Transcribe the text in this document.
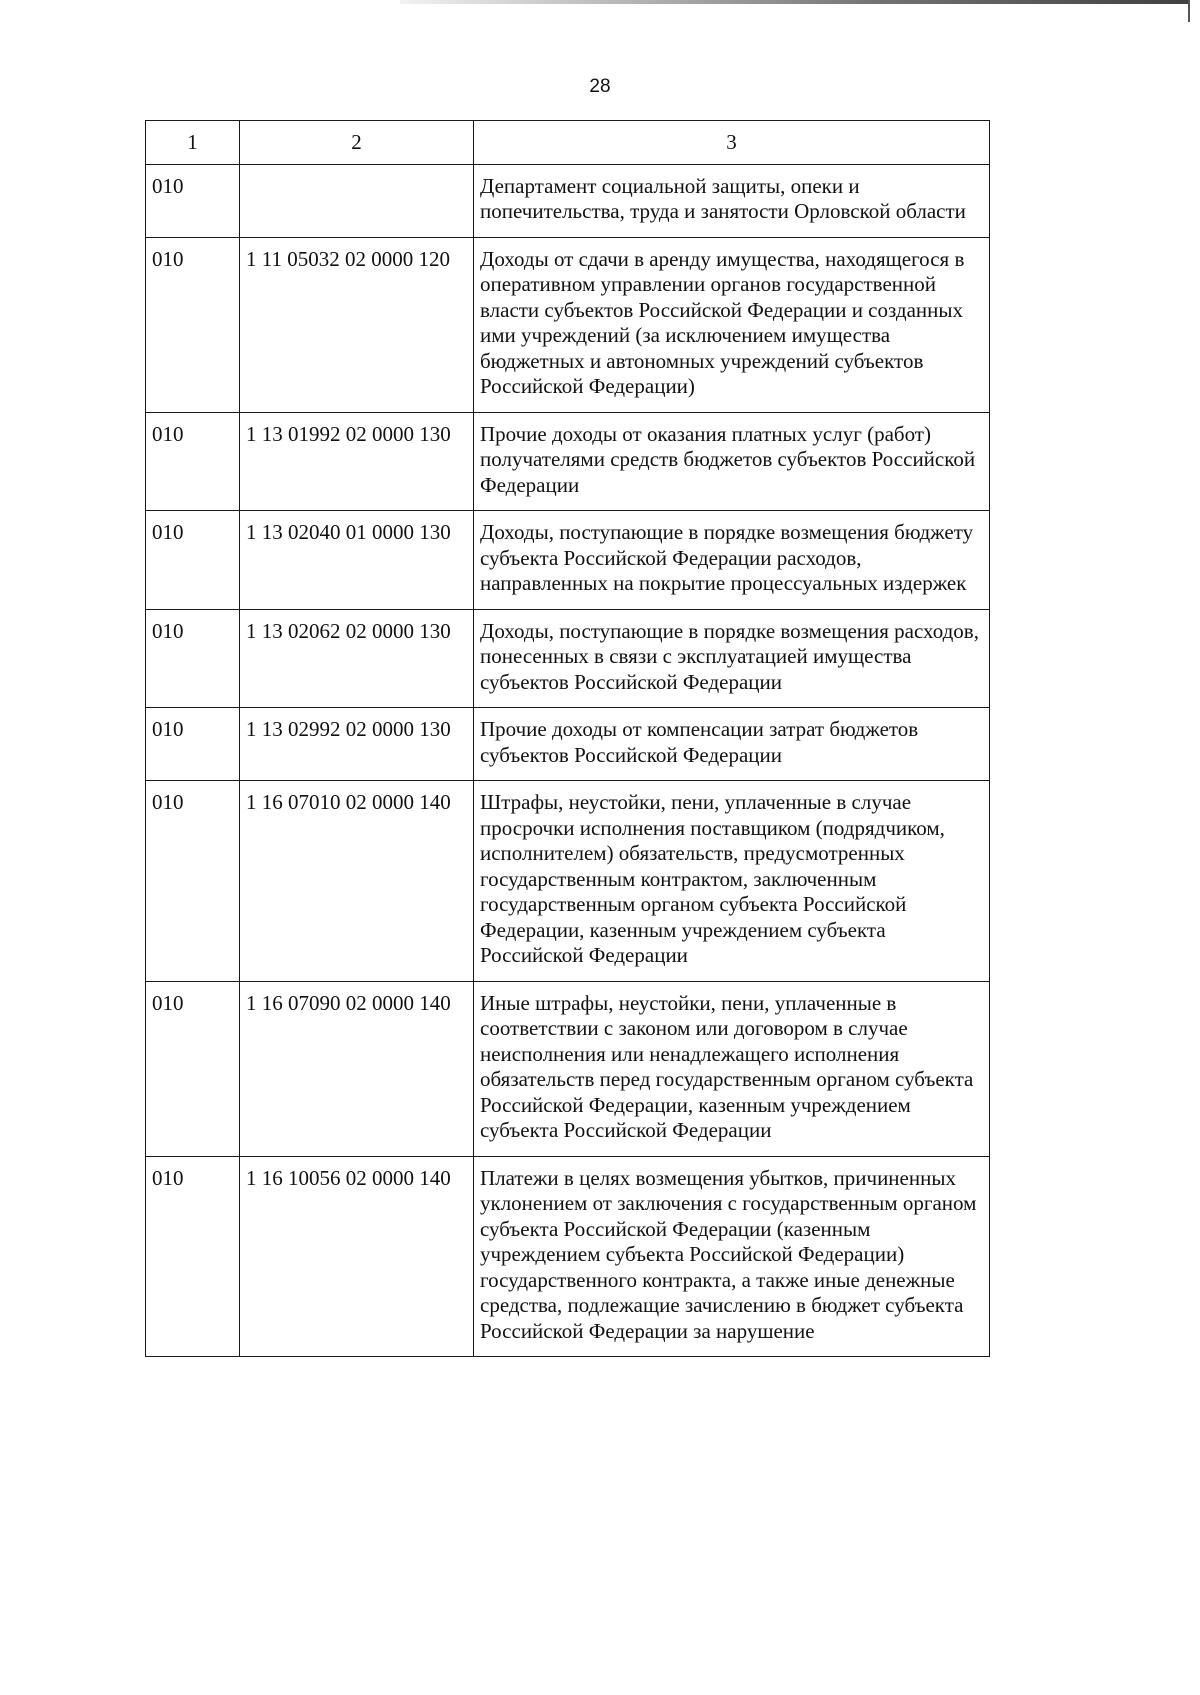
28
1	2	3
010		Департамент социальной защиты, опеки и попечительства, труда и занятости Орловской области
010	1 11 05032 02 0000 120	Доходы от сдачи в аренду имущества, находящегося в оперативном управлении органов государственной власти субъектов Российской Федерации и созданных ими учреждений (за исключением имущества бюджетных и автономных учреждений субъектов Российской Федерации)
010	1 13 01992 02 0000 130	Прочие доходы от оказания платных услуг (работ) получателями средств бюджетов субъектов Российской Федерации
010	1 13 02040 01 0000 130	Доходы, поступающие в порядке возмещения бюджету субъекта Российской Федерации расходов, направленных на покрытие процессуальных издержек
010	1 13 02062 02 0000 130	Доходы, поступающие в порядке возмещения расходов, понесенных в связи с эксплуатацией имущества субъектов Российской Федерации
010	1 13 02992 02 0000 130	Прочие доходы от компенсации затрат бюджетов субъектов Российской Федерации
010	1 16 07010 02 0000 140	Штрафы, неустойки, пени, уплаченные в случае просрочки исполнения поставщиком (подрядчиком, исполнителем) обязательств, предусмотренных государственным контрактом, заключенным государственным органом субъекта Российской Федерации, казенным учреждением субъекта Российской Федерации
010	1 16 07090 02 0000 140	Иные штрафы, неустойки, пени, уплаченные в соответствии с законом или договором в случае неисполнения или ненадлежащего исполнения обязательств перед государственным органом субъекта Российской Федерации, казенным учреждением субъекта Российской Федерации
010	1 16 10056 02 0000 140	Платежи в целях возмещения убытков, причиненных уклонением от заключения с государственным органом субъекта Российской Федерации (казенным учреждением субъекта Российской Федерации) государственного контракта, а также иные денежные средства, подлежащие зачислению в бюджет субъекта Российской Федерации за нарушение
